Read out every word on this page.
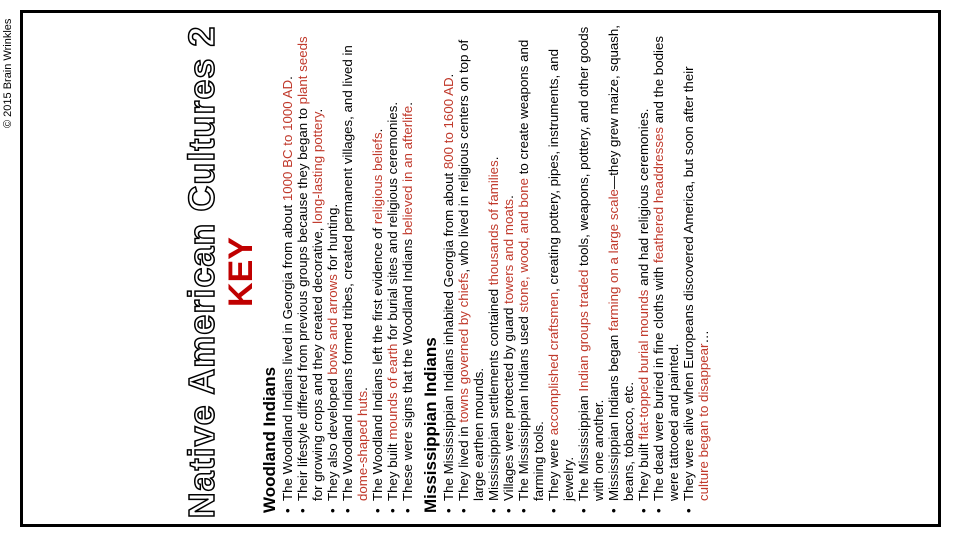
© 2015 Brain Wrinkles	Native American Cultures 2 KEY
Woodland Indians • The Woodland Indians lived in Georgia from about 1000 BC to 1000 AD.
• Their lifestyle differed from previous groups because they began to plant seeds for growing crops and they created decorative, long-lasting pottery.
• They also developed bows and arrows for hunting. • The Woodland Indians formed tribes, created permanent villages, and lived in dome-shaped huts. • The Woodland Indians left the first evidence of religious beliefs.
• They built mounds of earth for burial sites and religious ceremonies.
• These were signs that the Woodland Indians believed in an afterlife.
Mississippian Indians • The Mississippian Indians inhabited Georgia from about 800 to 1600 AD.
• They lived in towns governed by chiefs, who lived in religious centers on top of large earthen mounds. • Mississippian settlements contained thousands of families.
• Villages were protected by guard towers and moats.
• The Mississippian Indians used stone, wood, and bone to create weapons and farming tools. • They were accomplished craftsmen, creating pottery, pipes, instruments, and jewelry. • The Mississippian Indian groups traded tools, weapons, pottery, and other goods with one another. • Mississippian Indians began farming on a large scale—they grew maize, squash, beans, tobacco, etc. • They built flat-topped burial mounds and had religious ceremonies.
• The dead were buried in fine cloths with feathered headdresses and the bodies were tattooed and painted. • They were alive when Europeans discovered America, but soon after their culture began to disappear…
